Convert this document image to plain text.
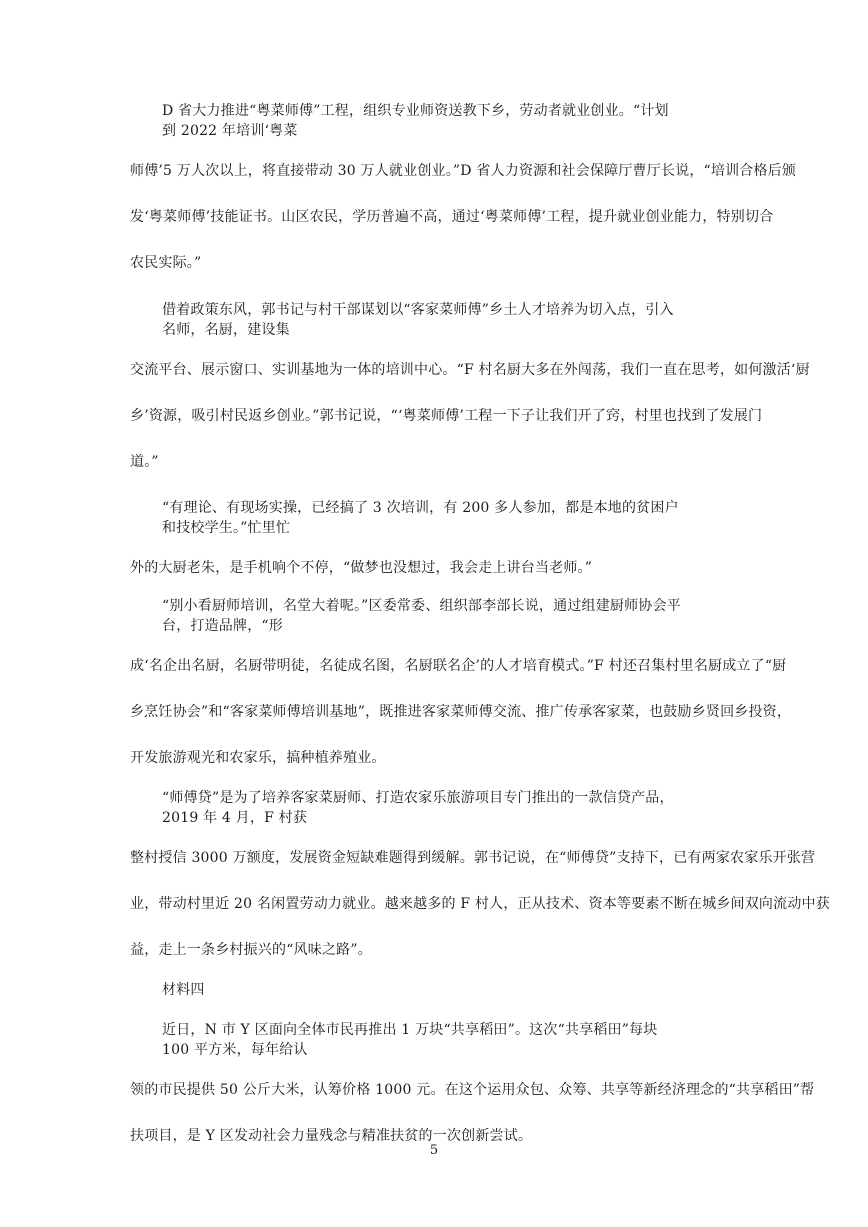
D 省大力推进“粤菜师傅”工程，组织专业师资送教下乡，劳动者就业创业。“计划
到 2022 年培训‘粤菜
师傅’5 万人次以上，将直接带动 30 万人就业创业。”D 省人力资源和社会保障厅曹厅长说，“培训合格后颁
发‘粤菜师傅’技能证书。山区农民，学历普遍不高，通过‘粤菜师傅’工程，提升就业创业能力，特别切合
农民实际。”
借着政策东风，郭书记与村干部谋划以“客家菜师傅”乡土人才培养为切入点，引入
名师，名厨，建设集
交流平台、展示窗口、实训基地为一体的培训中心。“F 村名厨大多在外闯荡，我们一直在思考，如何激活‘厨
乡’资源，吸引村民返乡创业。”郭书记说，“‘粤菜师傅’工程一下子让我们开了窍，村里也找到了发展门
道。”
“有理论、有现场实操，已经搞了 3 次培训，有 200 多人参加，都是本地的贫困户
和技校学生。”忙里忙
外的大厨老朱，是手机响个不停，“做梦也没想过，我会走上讲台当老师。”
“别小看厨师培训，名堂大着呢。”区委常委、组织部李部长说，通过组建厨师协会平
台，打造品牌，“形
成‘名企出名厨，名厨带明徒，名徒成名图，名厨联名企’的人才培育模式。”F 村还召集村里名厨成立了“厨
乡烹饪协会”和“客家菜师傅培训基地”，既推进客家菜师傅交流、推广传承客家菜，也鼓励乡贤回乡投资，
开发旅游观光和农家乐，搞种植养殖业。
“师傅贷”是为了培养客家菜厨师、打造农家乐旅游项目专门推出的一款信贷产品，
2019 年 4 月，F 村获
整村授信 3000 万额度，发展资金短缺难题得到缓解。郭书记说，在“师傅贷”支持下，已有两家农家乐开张营
业，带动村里近 20 名闲置劳动力就业。越来越多的 F 村人，正从技术、资本等要素不断在城乡间双向流动中获
益，走上一条乡村振兴的“风味之路”。
材料四
近日，N 市 Y 区面向全体市民再推出 1 万块“共享稻田”。这次“共享稻田”每块
100 平方米，每年给认
领的市民提供 50 公斤大米，认筹价格 1000 元。在这个运用众包、众筹、共享等新经济理念的“共享稻田”帮
扶项目，是 Y 区发动社会力量残念与精准扶贫的一次创新尝试。
5
